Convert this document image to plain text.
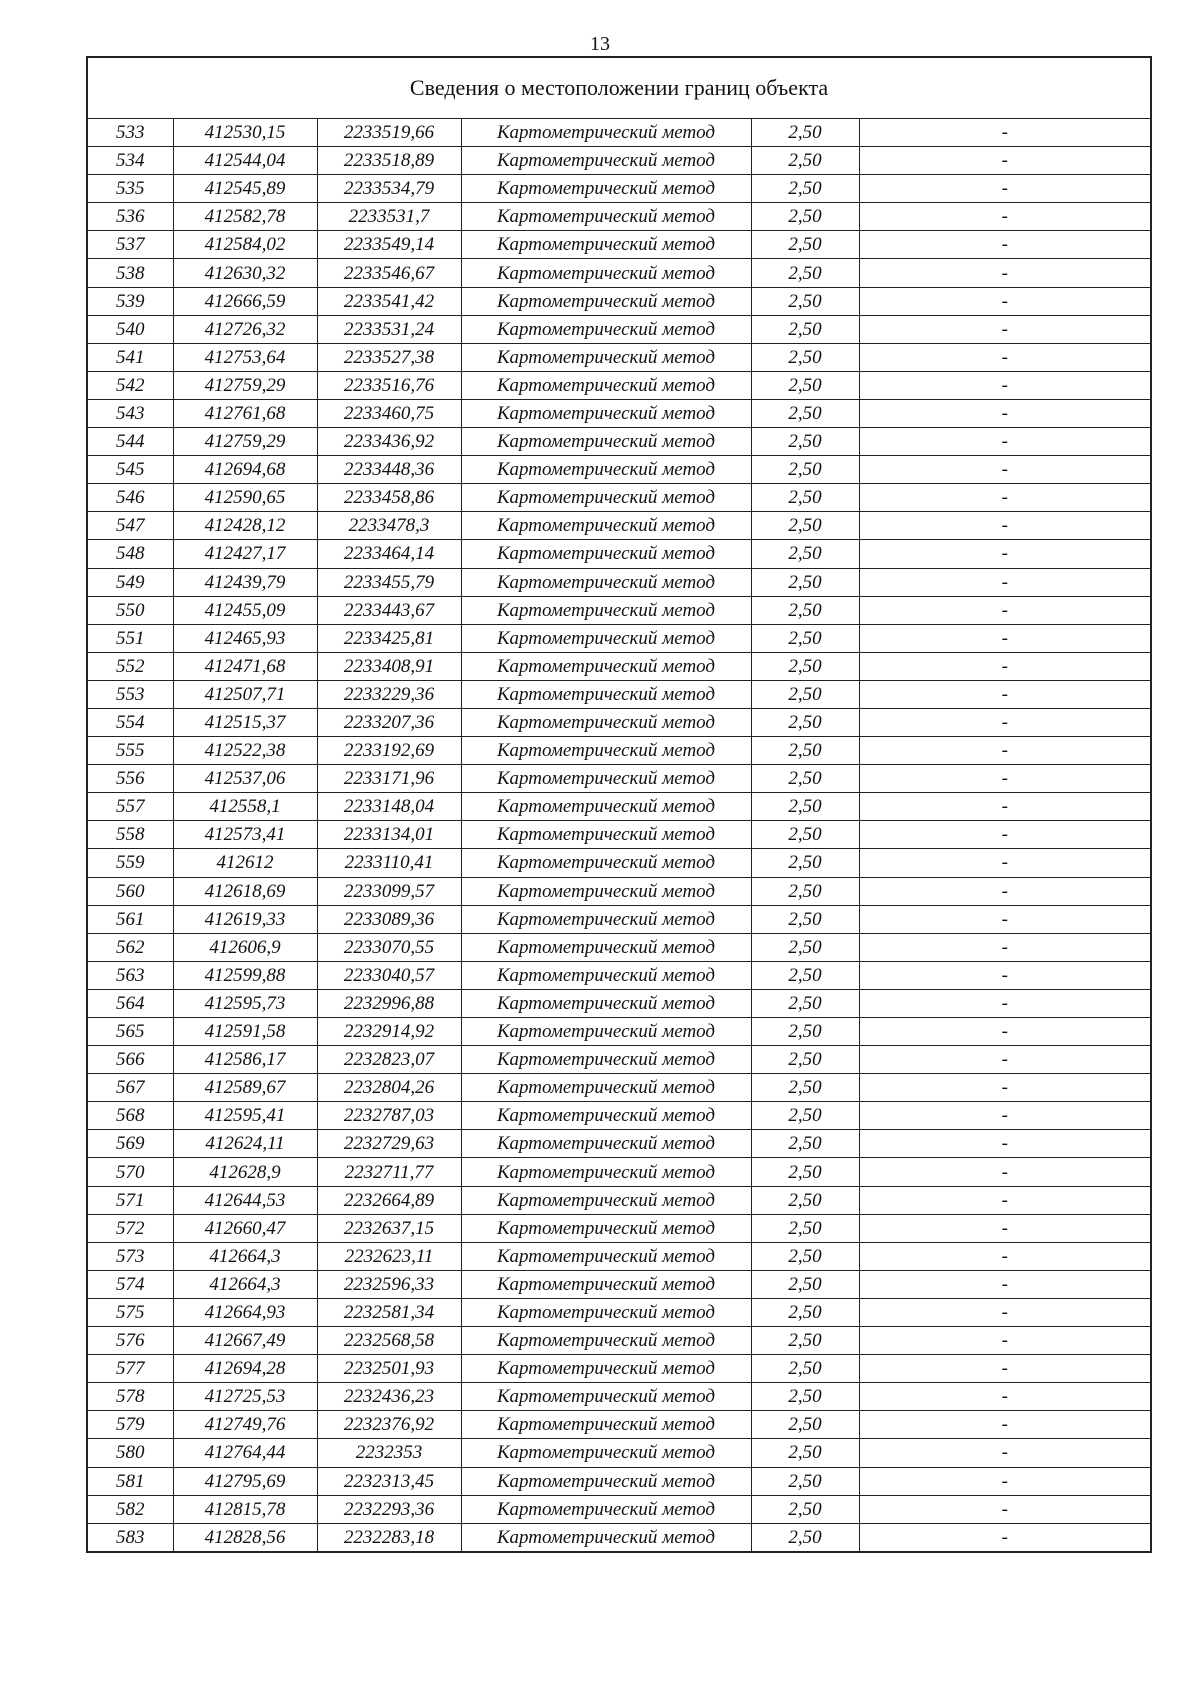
13
Сведения о местоположении границ объекта					
533	412530,15	2233519,66	Картометрический метод	2,50	-
534	412544,04	2233518,89	Картометрический метод	2,50	-
535	412545,89	2233534,79	Картометрический метод	2,50	-
536	412582,78	2233531,7	Картометрический метод	2,50	-
537	412584,02	2233549,14	Картометрический метод	2,50	-
538	412630,32	2233546,67	Картометрический метод	2,50	-
539	412666,59	2233541,42	Картометрический метод	2,50	-
540	412726,32	2233531,24	Картометрический метод	2,50	-
541	412753,64	2233527,38	Картометрический метод	2,50	-
542	412759,29	2233516,76	Картометрический метод	2,50	-
543	412761,68	2233460,75	Картометрический метод	2,50	-
544	412759,29	2233436,92	Картометрический метод	2,50	-
545	412694,68	2233448,36	Картометрический метод	2,50	-
546	412590,65	2233458,86	Картометрический метод	2,50	-
547	412428,12	2233478,3	Картометрический метод	2,50	-
548	412427,17	2233464,14	Картометрический метод	2,50	-
549	412439,79	2233455,79	Картометрический метод	2,50	-
550	412455,09	2233443,67	Картометрический метод	2,50	-
551	412465,93	2233425,81	Картометрический метод	2,50	-
552	412471,68	2233408,91	Картометрический метод	2,50	-
553	412507,71	2233229,36	Картометрический метод	2,50	-
554	412515,37	2233207,36	Картометрический метод	2,50	-
555	412522,38	2233192,69	Картометрический метод	2,50	-
556	412537,06	2233171,96	Картометрический метод	2,50	-
557	412558,1	2233148,04	Картометрический метод	2,50	-
558	412573,41	2233134,01	Картометрический метод	2,50	-
559	412612	2233110,41	Картометрический метод	2,50	-
560	412618,69	2233099,57	Картометрический метод	2,50	-
561	412619,33	2233089,36	Картометрический метод	2,50	-
562	412606,9	2233070,55	Картометрический метод	2,50	-
563	412599,88	2233040,57	Картометрический метод	2,50	-
564	412595,73	2232996,88	Картометрический метод	2,50	-
565	412591,58	2232914,92	Картометрический метод	2,50	-
566	412586,17	2232823,07	Картометрический метод	2,50	-
567	412589,67	2232804,26	Картометрический метод	2,50	-
568	412595,41	2232787,03	Картометрический метод	2,50	-
569	412624,11	2232729,63	Картометрический метод	2,50	-
570	412628,9	2232711,77	Картометрический метод	2,50	-
571	412644,53	2232664,89	Картометрический метод	2,50	-
572	412660,47	2232637,15	Картометрический метод	2,50	-
573	412664,3	2232623,11	Картометрический метод	2,50	-
574	412664,3	2232596,33	Картометрический метод	2,50	-
575	412664,93	2232581,34	Картометрический метод	2,50	-
576	412667,49	2232568,58	Картометрический метод	2,50	-
577	412694,28	2232501,93	Картометрический метод	2,50	-
578	412725,53	2232436,23	Картометрический метод	2,50	-
579	412749,76	2232376,92	Картометрический метод	2,50	-
580	412764,44	2232353	Картометрический метод	2,50	-
581	412795,69	2232313,45	Картометрический метод	2,50	-
582	412815,78	2232293,36	Картометрический метод	2,50	-
583	412828,56	2232283,18	Картометрический метод	2,50	-
